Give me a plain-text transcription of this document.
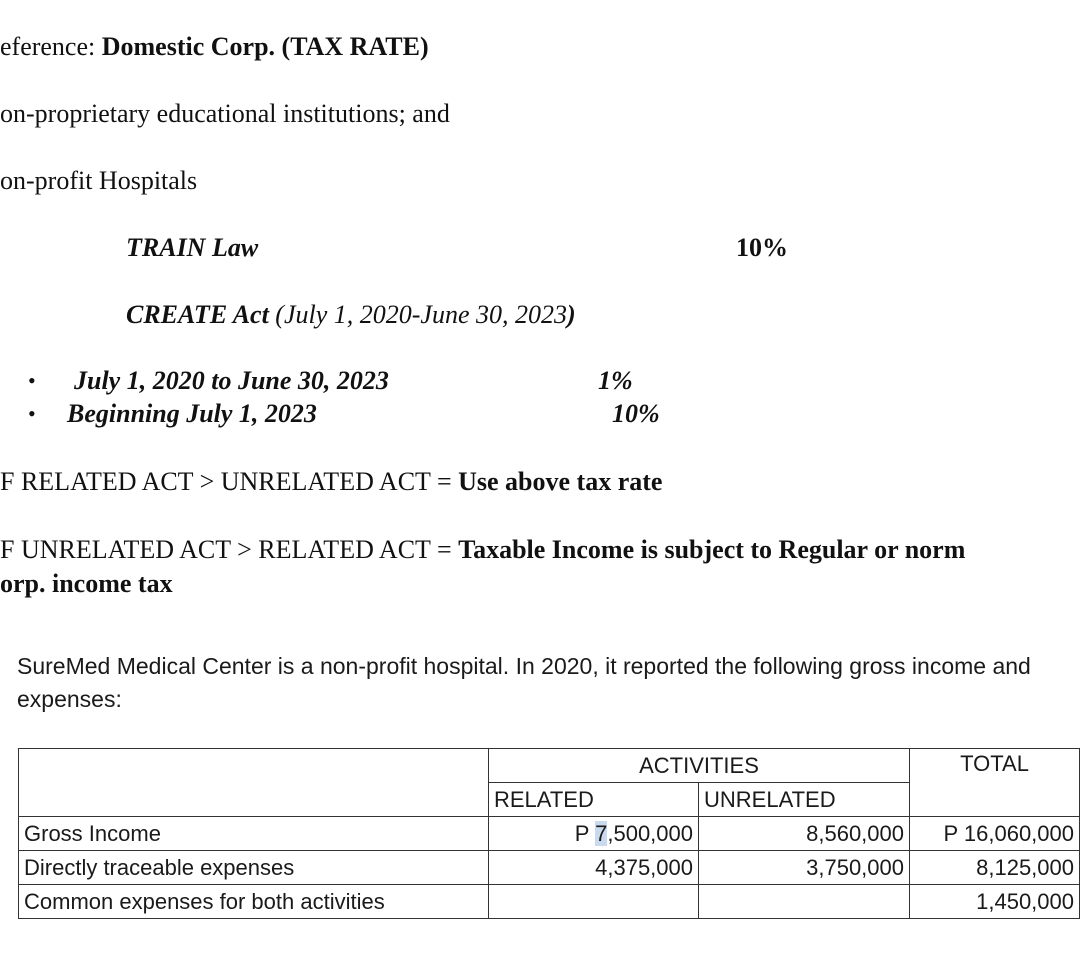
eference: Domestic Corp. (TAX RATE)
on-proprietary educational institutions; and
on-profit Hospitals
TRAIN Law	10%
CREATE Act (July 1, 2020-June 30, 2023)
• July 1, 2020 to June 30, 2023	1%
• Beginning July 1, 2023	10%
F RELATED ACT > UNRELATED ACT = Use above tax rate
F UNRELATED ACT > RELATED ACT = Taxable Income is subject to Regular or norm
orp. income tax
SureMed Medical Center is a non-profit hospital. In 2020, it reported the following gross income and expenses:
	ACTIVITIES		TOTAL
	RELATED	UNRELATED	
Gross Income	P 7,500,000	8,560,000	P 16,060,000
Directly traceable expenses	4,375,000	3,750,000	8,125,000
Common expenses for both activities			1,450,000
